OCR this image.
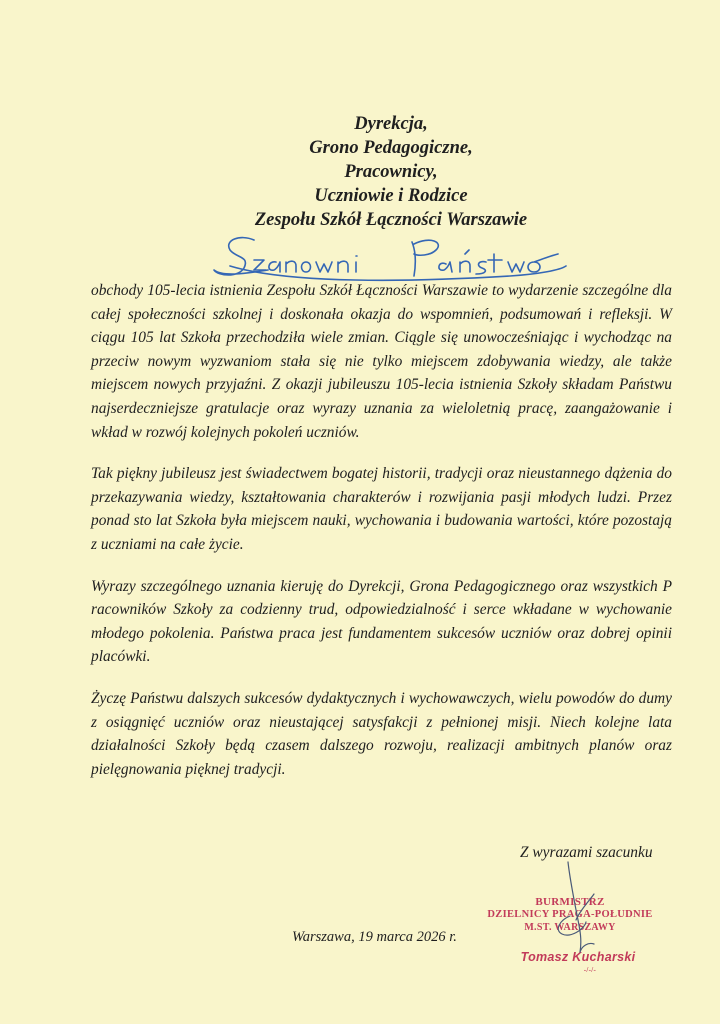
Dyrekcja,
Grono Pedagogiczne,
Pracownicy,
Uczniowie i Rodzice
Zespołu Szkół Łączności Warszawie

obchody 105-lecia istnienia Zespołu Szkół Łączności Warszawie to wydarzenie szczególne dla całej społeczności szkolnej i doskonała okazja do wspomnień, podsumowań i refleksji. W ciągu 105 lat Szkoła przechodziła wiele zmian. Ciągle się unowocześniając i wychodząc na przeciw nowym wyzwaniom stała się nie tylko miejscem zdobywania wiedzy, ale także miejscem nowych przyjaźni. Z okazji jubileuszu 105-lecia istnienia Szkoły składam Państwu najserdeczniejsze gratulacje oraz wyrazy uznania za wieloletnią pracę, zaangażowanie i wkład w rozwój kolejnych pokoleń uczniów.

Tak piękny jubileusz jest świadectwem bogatej historii, tradycji oraz nieustannego dążenia do przekazywania wiedzy, kształtowania charakterów i rozwijania pasji młodych ludzi. Przez ponad sto lat Szkoła była miejscem nauki, wychowania i budowania wartości, które pozostają z uczniami na całe życie.

Wyrazy szczególnego uznania kieruję do Dyrekcji, Grona Pedagogicznego oraz wszystkich P racowników Szkoły za codzienny trud, odpowiedzialność i serce wkładane w wychowanie młodego pokolenia. Państwa praca jest fundamentem sukcesów uczniów oraz dobrej opinii placówki.

Życzę Państwu dalszych sukcesów dydaktycznych i wychowawczych, wielu powodów do dumy z osiągnięć uczniów oraz nieustającej satysfakcji z pełnionej misji. Niech kolejne lata działalności Szkoły będą czasem dalszego rozwoju, realizacji ambitnych planów oraz pielęgnowania pięknej tradycji.

Z wyrazami szacunku
Warszawa, 19 marca 2026 r.
BURMISTRZ
DZIELNICY PRAGA-POŁUDNIE
M.ST. WARSZAWY
Tomasz Kucharski
-/-/-
